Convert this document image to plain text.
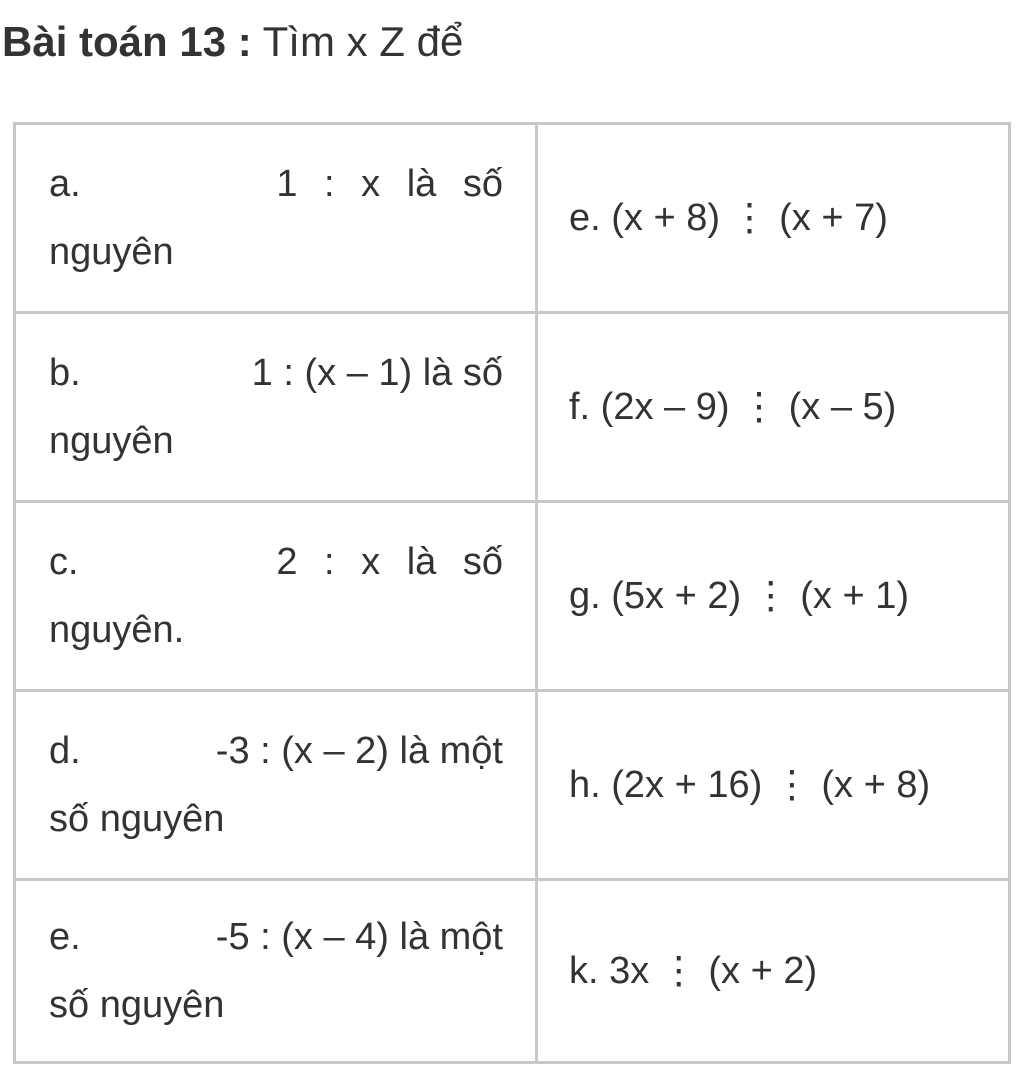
Bài toán 13 : Tìm x Z để
a. 1 : x là số
nguyên	e. (x + 8) ⋮ (x + 7)

b. 1 : (x – 1) là số
nguyên	f. (2x – 9) ⋮ (x – 5)

c. 2 : x là số
nguyên.	g. (5x + 2) ⋮ (x + 1)

d. -3 : (x – 2) là một
số nguyên	h. (2x + 16) ⋮ (x + 8)

e. -5 : (x – 4) là một
số nguyên	k. 3x ⋮ (x + 2)
